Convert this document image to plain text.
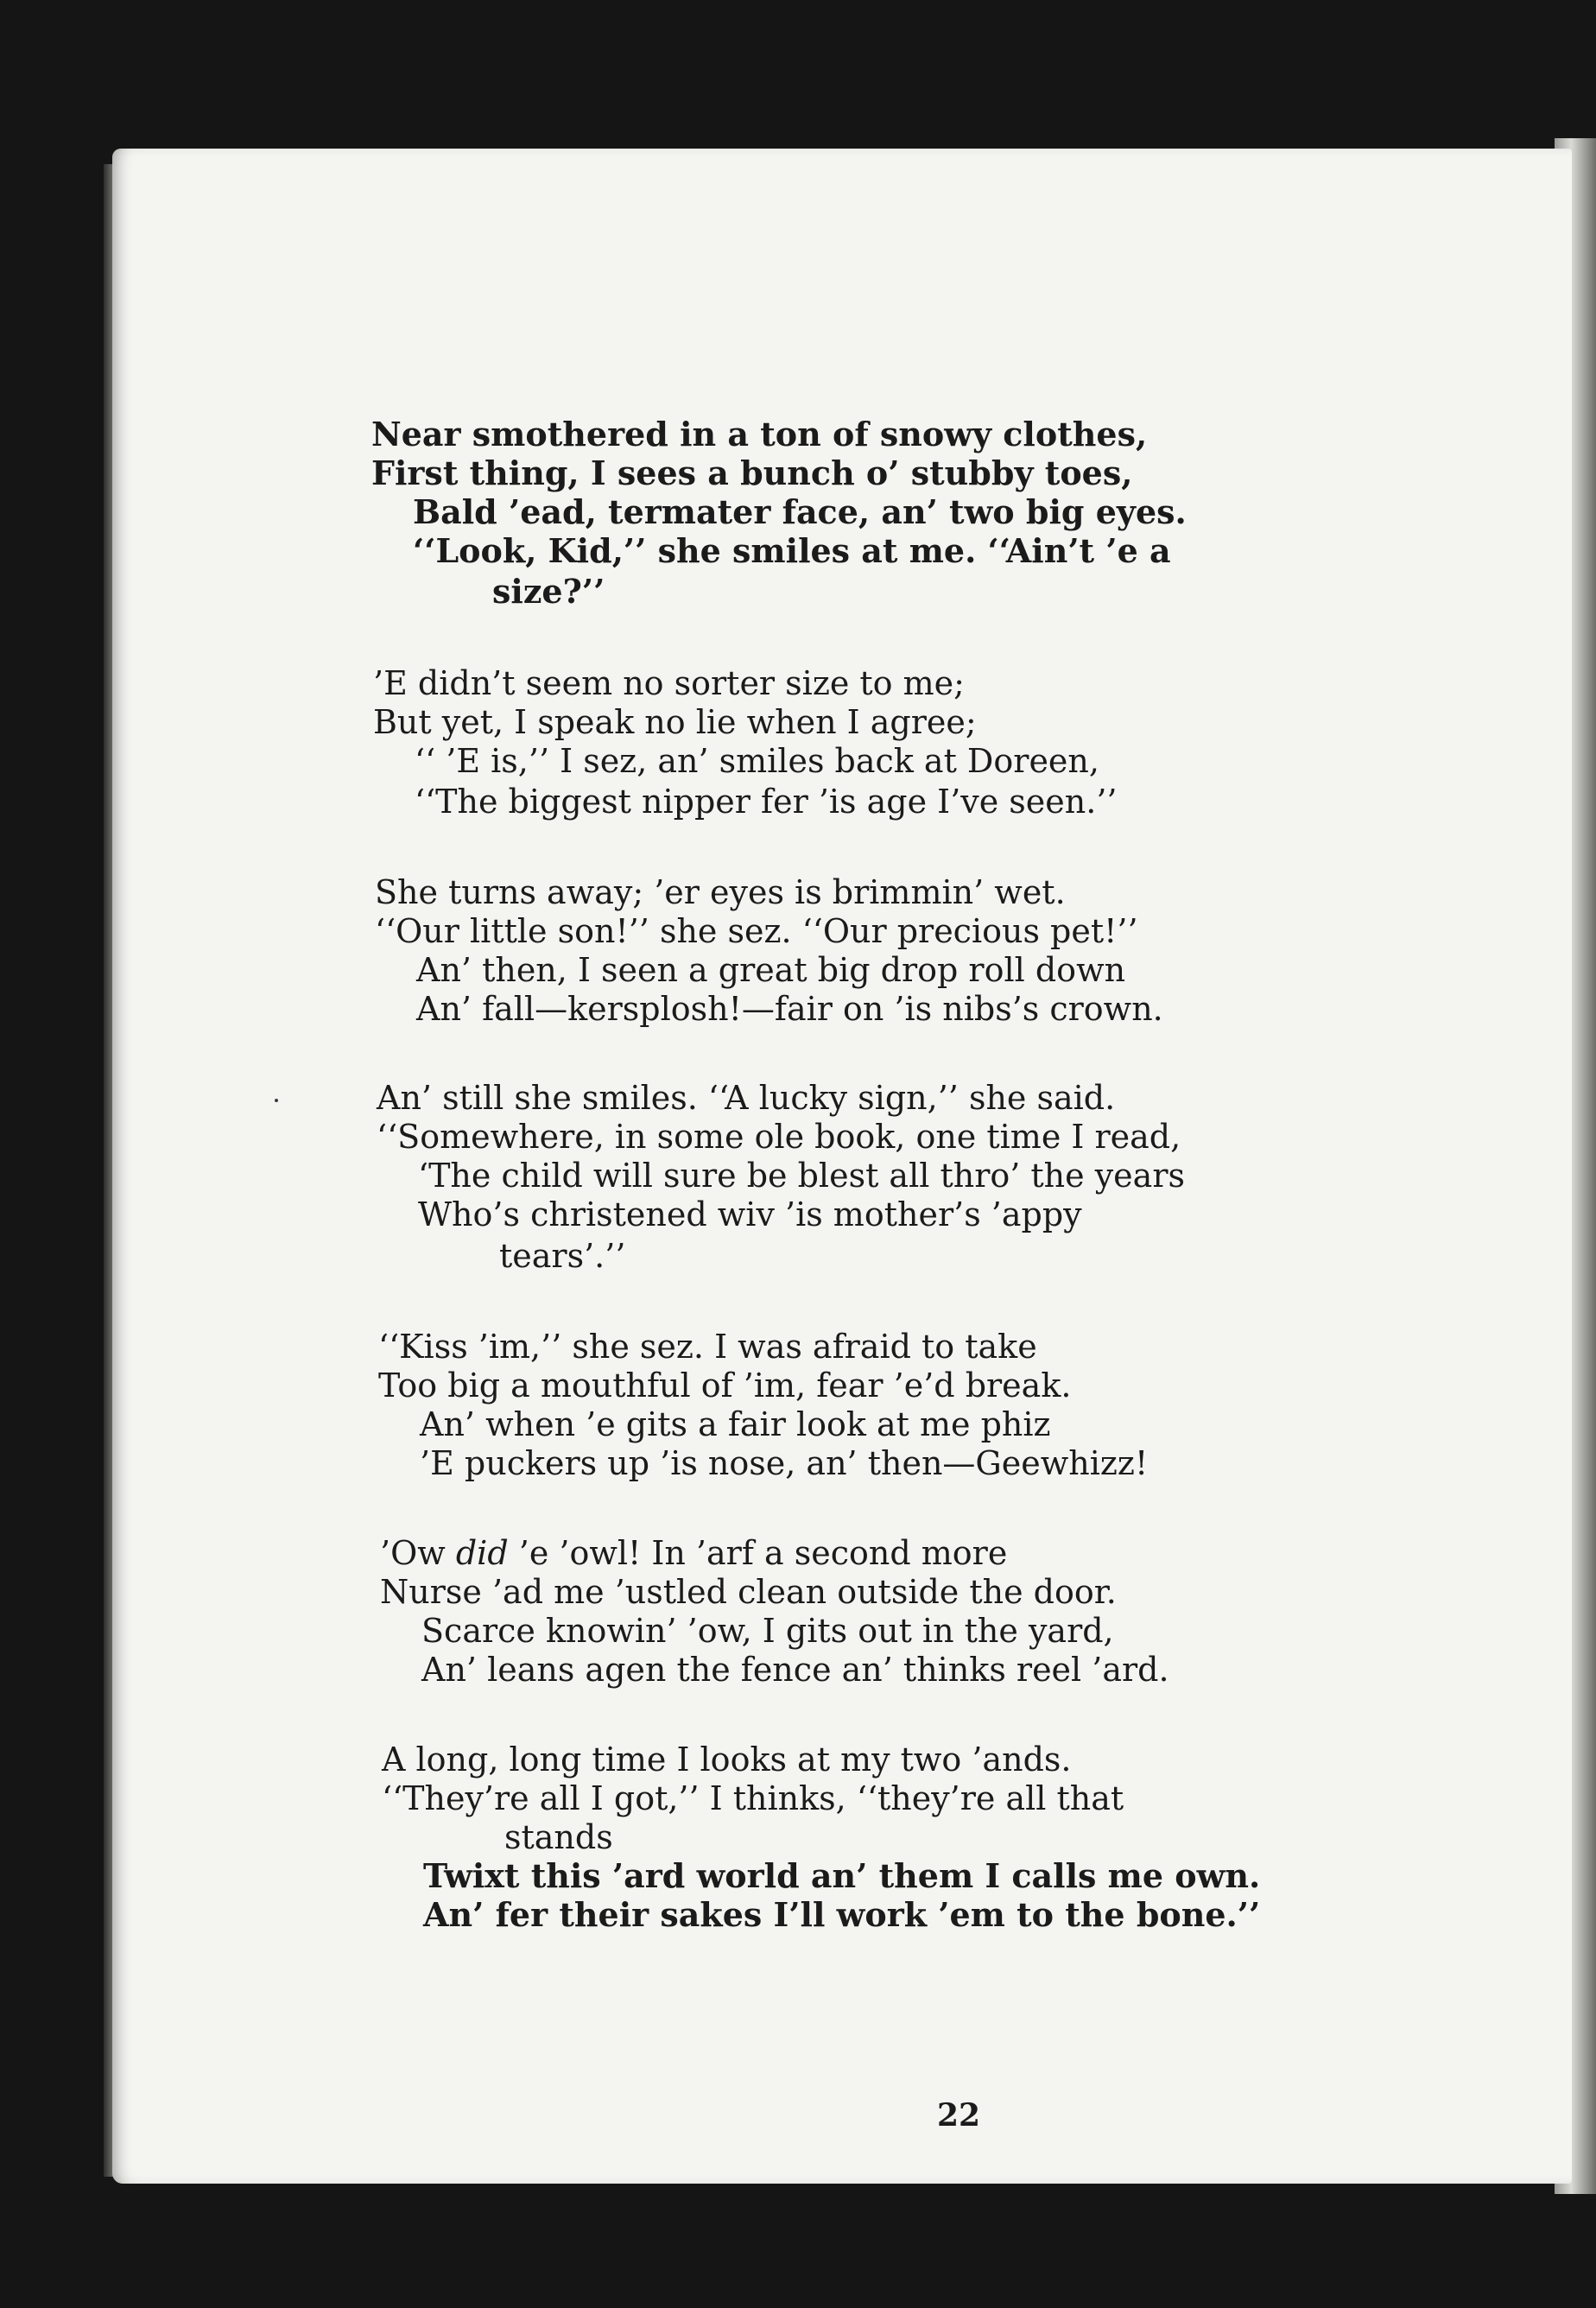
Near smothered in a ton of snowy clothes,
First thing, I sees a bunch o’ stubby toes,
Bald ’ead, termater face, an’ two big eyes.
‘‘Look, Kid,’’ she smiles at me. ‘‘Ain’t ’e a
size?’’
’E didn’t seem no sorter size to me;
But yet, I speak no lie when I agree;
‘‘ ’E is,’’ I sez, an’ smiles back at Doreen,
‘‘The biggest nipper fer ’is age I’ve seen.’’
She turns away; ’er eyes is brimmin’ wet.
‘‘Our little son!’’ she sez. ‘‘Our precious pet!’’
An’ then, I seen a great big drop roll down
An’ fall—kersplosh!—fair on ’is nibs’s crown.
An’ still she smiles. ‘‘A lucky sign,’’ she said.
‘‘Somewhere, in some ole book, one time I read,
‘The child will sure be blest all thro’ the years
Who’s christened wiv ’is mother’s ’appy
tears’.’’
‘‘Kiss ’im,’’ she sez. I was afraid to take
Too big a mouthful of ’im, fear ’e’d break.
An’ when ’e gits a fair look at me phiz
’E puckers up ’is nose, an’ then—Geewhizz!
’Ow did ’e ’owl! In ’arf a second more
Nurse ’ad me ’ustled clean outside the door.
Scarce knowin’ ’ow, I gits out in the yard,
An’ leans agen the fence an’ thinks reel ’ard.
A long, long time I looks at my two ’ands.
‘‘They’re all I got,’’ I thinks, ‘‘they’re all that
stands
Twixt this ’ard world an’ them I calls me own.
An’ fer their sakes I’ll work ’em to the bone.’’
22
